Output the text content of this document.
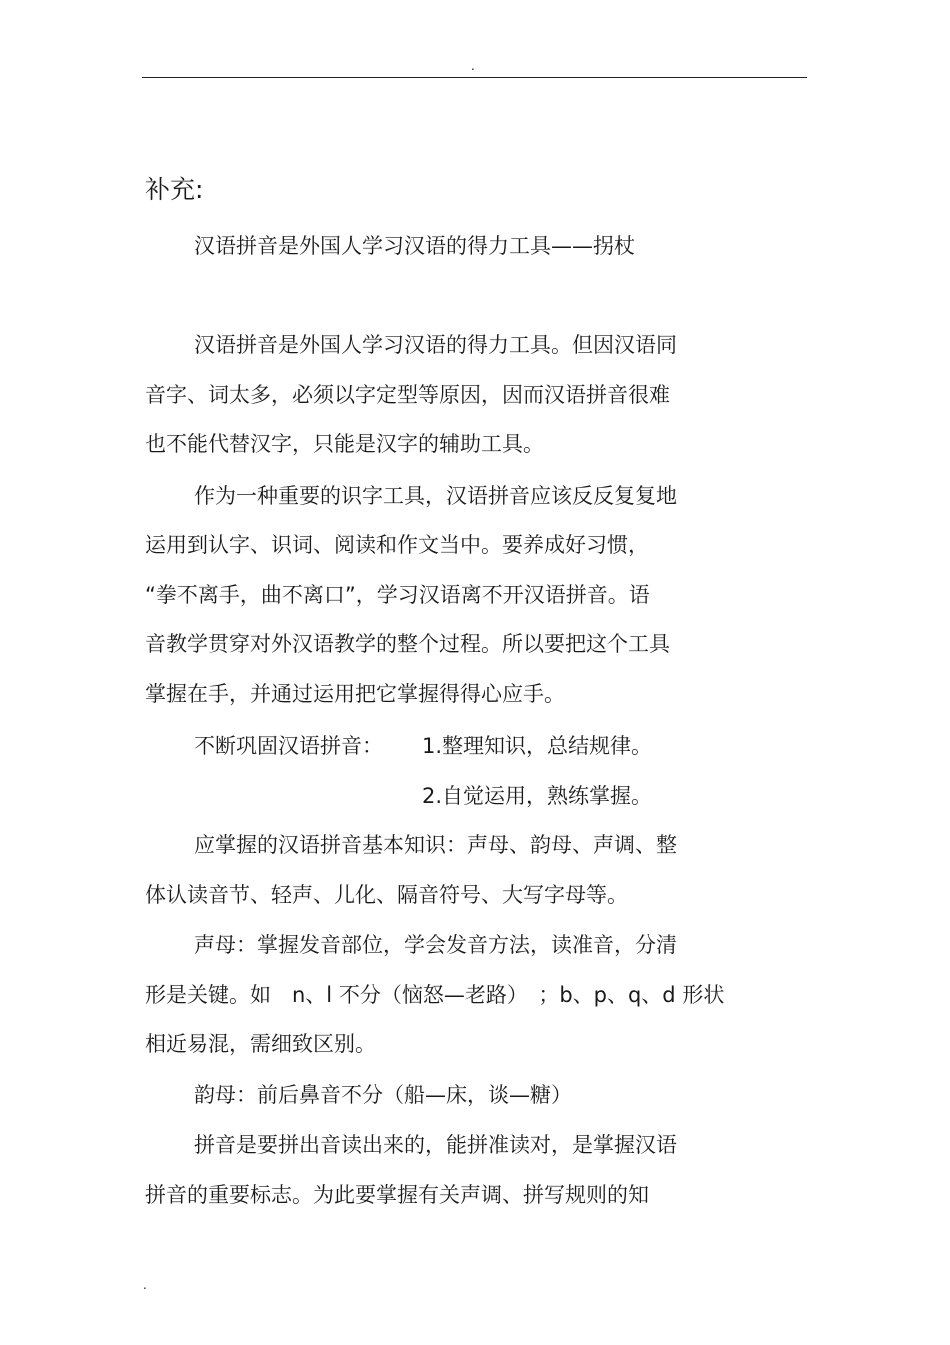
.
补充:
汉语拼音是外国人学习汉语的得力工具——拐杖
汉语拼音是外国人学习汉语的得力工具。但因汉语同
音字、词太多，必须以字定型等原因，因而汉语拼音很难
也不能代替汉字，只能是汉字的辅助工具。
作为一种重要的识字工具，汉语拼音应该反反复复地
运用到认字、识词、阅读和作文当中。要养成好习惯，
“拳不离手，曲不离口”，学习汉语离不开汉语拼音。语
音教学贯穿对外汉语教学的整个过程。所以要把这个工具
掌握在手，并通过运用把它掌握得得心应手。
不断巩固汉语拼音： 1.整理知识，总结规律。
2.自觉运用，熟练掌握。
应掌握的汉语拼音基本知识：声母、韵母、声调、整
体认读音节、轻声、儿化、隔音符号、大写字母等。
声母：掌握发音部位，学会发音方法，读准音，分清
形是关键。如　n、l 不分（恼怒—老路）　；b、p、q、d 形状
相近易混，需细致区别。
韵母：前后鼻音不分（船—床，谈—糖）
拼音是要拼出音读出来的，能拼准读对，是掌握汉语
拼音的重要标志。为此要掌握有关声调、拼写规则的知
.
